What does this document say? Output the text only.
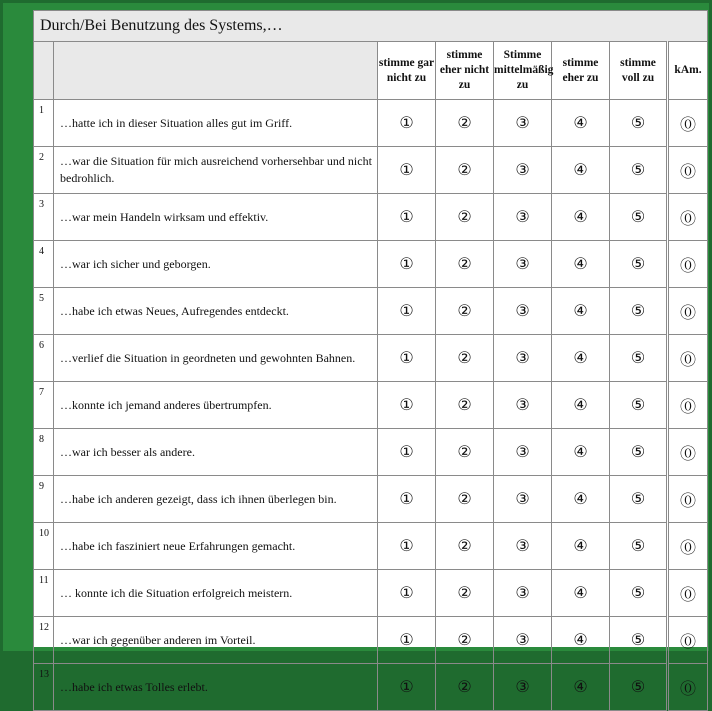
Durch/Bei Benutzung des Systems,…							
		stimme gar nicht zu	stimme eher nicht zu	Stimme mittelmäßig zu	stimme eher zu	stimme voll zu	kAm.
1	…hatte ich in dieser Situation alles gut im Griff.	①	②	③	④	⑤	⓪
2	…war die Situation für mich ausreichend vorhersehbar und nicht bedrohlich.	①	②	③	④	⑤	⓪
3	…war mein Handeln wirksam und effektiv.	①	②	③	④	⑤	⓪
4	…war ich sicher und geborgen.	①	②	③	④	⑤	⓪
5	…habe ich etwas Neues, Aufregendes entdeckt.	①	②	③	④	⑤	⓪
6	…verlief die Situation in geordneten und gewohnten Bahnen.	①	②	③	④	⑤	⓪
7	…konnte ich jemand anderes übertrumpfen.	①	②	③	④	⑤	⓪
8	…war ich besser als andere.	①	②	③	④	⑤	⓪
9	…habe ich anderen gezeigt, dass ich ihnen überlegen bin.	①	②	③	④	⑤	⓪
10	…habe ich fasziniert neue Erfahrungen gemacht.	①	②	③	④	⑤	⓪
11	… konnte ich die Situation erfolgreich meistern.	①	②	③	④	⑤	⓪
12	…war ich gegenüber anderen im Vorteil.	①	②	③	④	⑤	⓪
13	…habe ich etwas Tolles erlebt.	①	②	③	④	⑤	⓪
